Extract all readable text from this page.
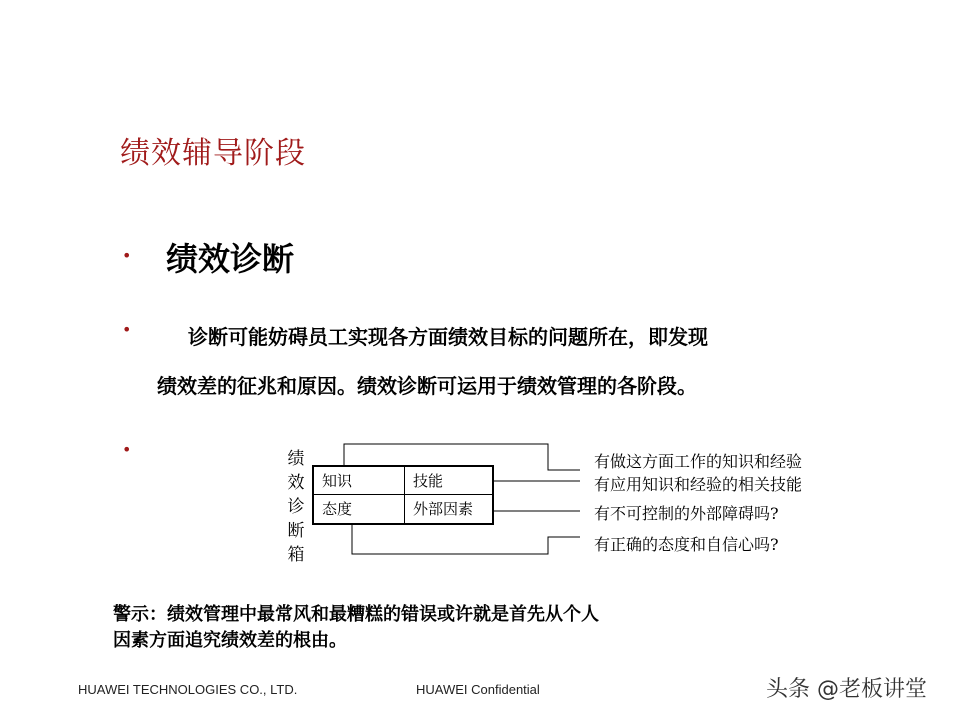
绩效辅导阶段
• 绩效诊断
•	诊断可能妨碍员工实现各方面绩效目标的问题所在，即发现
绩效差的征兆和原因。绩效诊断可运用于绩效管理的各阶段。
•	绩
效
诊
断
箱
知识	技能
态度	外部因素
有做这方面工作的知识和经验
有应用知识和经验的相关技能
有不可控制的外部障碍吗?
有正确的态度和自信心吗?
警示：绩效管理中最常风和最糟糕的错误或许就是首先从个人
因素方面追究绩效差的根由。
HUAWEI TECHNOLOGIES CO., LTD.	HUAWEI Confidential	头条 @老板讲堂
